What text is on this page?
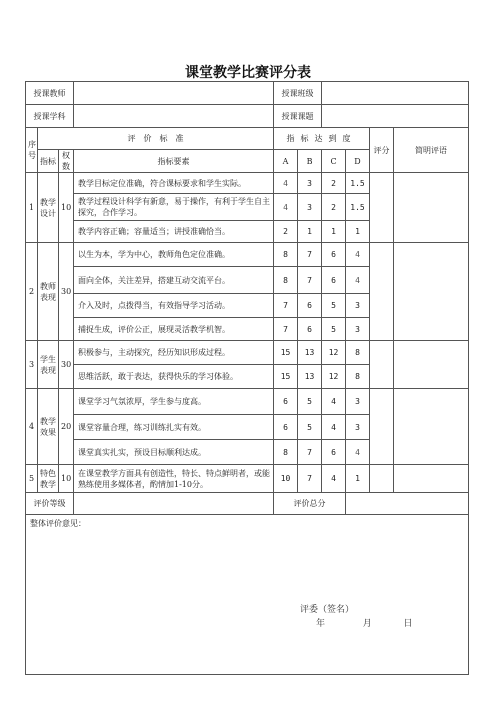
课堂教学比赛评分表
授课教师				授课班级					
授课学科				授课课题					
序号	评　价　标　准			指标达到度				评分	简明评语
	指标	权数	指标要素	A	B	C	D		
1	教学设计	10	教学目标定位准确，符合课标要求和学生实际。	4	3	2	1.5		
			教学过程设计科学有新意，易于操作，有利于学生自主探究，合作学习。	4	3	2	1.5		
			教学内容正确；容量适当；讲授准确恰当。	2	1	1	1		
2	教师表现	30	以生为本，学为中心，教师角色定位准确。	8	7	6	4		
			面向全体，关注差异，搭建互动交流平台。	8	7	6	4		
			介入及时，点拨得当，有效指导学习活动。	7	6	5	3		
			捕捉生成，评价公正，展现灵活教学机智。	7	6	5	3		
3	学生表现	30	积极参与，主动探究，经历知识形成过程。	15	13	12	8		
			思维活跃，敢于表达，获得快乐的学习体验。	15	13	12	8		
4	教学效果	20	课堂学习气氛浓厚，学生参与度高。	6	5	4	3		
			课堂容量合理，练习训练扎实有效。	6	5	4	3		
			课堂真实扎实，预设目标顺利达成。	8	7	6	4		
5	特色教学	10	在课堂教学方面具有创造性，特长、特点鲜明者，或能熟练使用多媒体者，酌情加1-10分。	10	7	4	1		
评价等级				评价总分					

整体评价意见：									
评委（签名）
年	月	日
